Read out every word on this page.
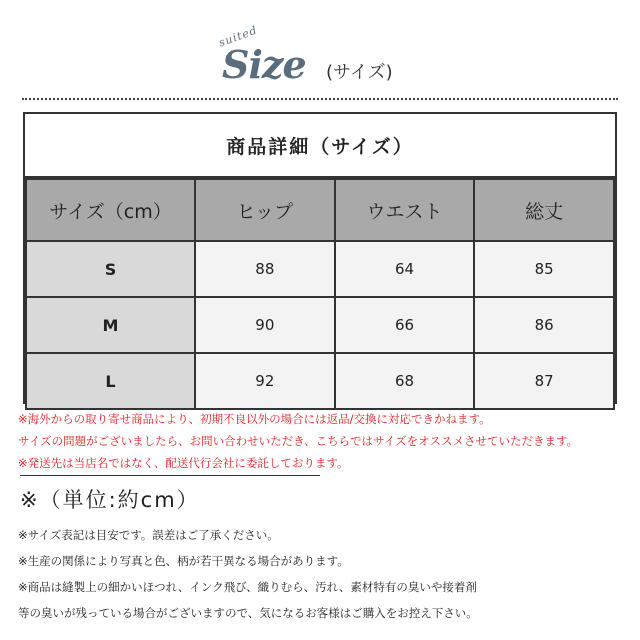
suited
Size (サイズ)
商品詳細（サイズ）
サイズ（cm）	ヒップ	ウエスト	総丈
S	88	64	85
M	90	66	86
L	92	68	87
※海外からの取り寄せ商品により、初期不良以外の場合には返品/交換に対応できかねます。
サイズの問題がございましたら、お問い合わせいただき、こちらではサイズをオススメさせていただきます。
※発送先は当店名ではなく、配送代行会社に委託しております。
※（単位:約cm）
※サイズ表記は目安です。誤差はご了承ください。
※生産の関係により写真と色、柄が若干異なる場合があります。
※商品は縫製上の細かいほつれ、インク飛び、織りむら、汚れ、素材特有の臭いや接着剤
等の臭いが残っている場合がございますので、気になるお客様はご購入をお控え下さい。
